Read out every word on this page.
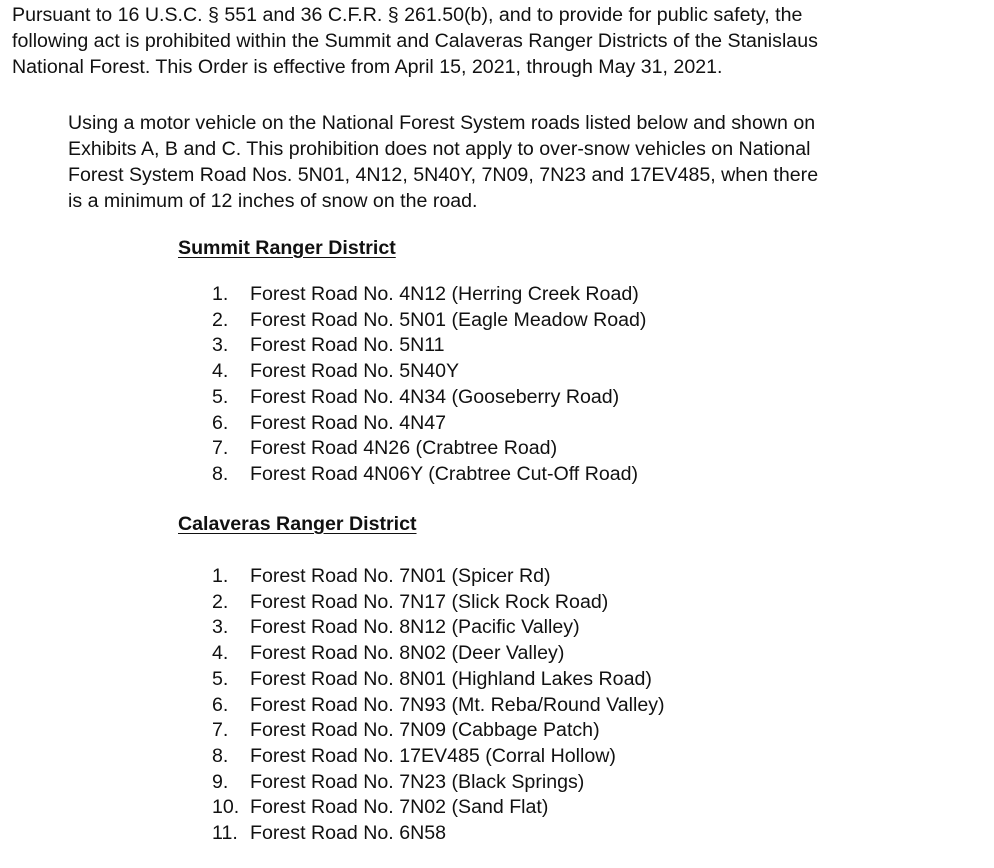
Pursuant to 16 U.S.C. § 551 and 36 C.F.R. § 261.50(b), and to provide for public safety, the
following act is prohibited within the Summit and Calaveras Ranger Districts of the Stanislaus
National Forest. This Order is effective from April 15, 2021, through May 31, 2021.

Using a motor vehicle on the National Forest System roads listed below and shown on
Exhibits A, B and C. This prohibition does not apply to over-snow vehicles on National
Forest System Road Nos. 5N01, 4N12, 5N40Y, 7N09, 7N23 and 17EV485, when there
is a minimum of 12 inches of snow on the road.

Summit Ranger District
1. Forest Road No. 4N12 (Herring Creek Road)
2. Forest Road No. 5N01 (Eagle Meadow Road)
3. Forest Road No. 5N11
4. Forest Road No. 5N40Y
5. Forest Road No. 4N34 (Gooseberry Road)
6. Forest Road No. 4N47
7. Forest Road 4N26 (Crabtree Road)
8. Forest Road 4N06Y (Crabtree Cut-Off Road)
Calaveras Ranger District
1. Forest Road No. 7N01 (Spicer Rd)
2. Forest Road No. 7N17 (Slick Rock Road)
3. Forest Road No. 8N12 (Pacific Valley)
4. Forest Road No. 8N02 (Deer Valley)
5. Forest Road No. 8N01 (Highland Lakes Road)
6. Forest Road No. 7N93 (Mt. Reba/Round Valley)
7. Forest Road No. 7N09 (Cabbage Patch)
8. Forest Road No. 17EV485 (Corral Hollow)
9. Forest Road No. 7N23 (Black Springs)
10. Forest Road No. 7N02 (Sand Flat)
11. Forest Road No. 6N58
